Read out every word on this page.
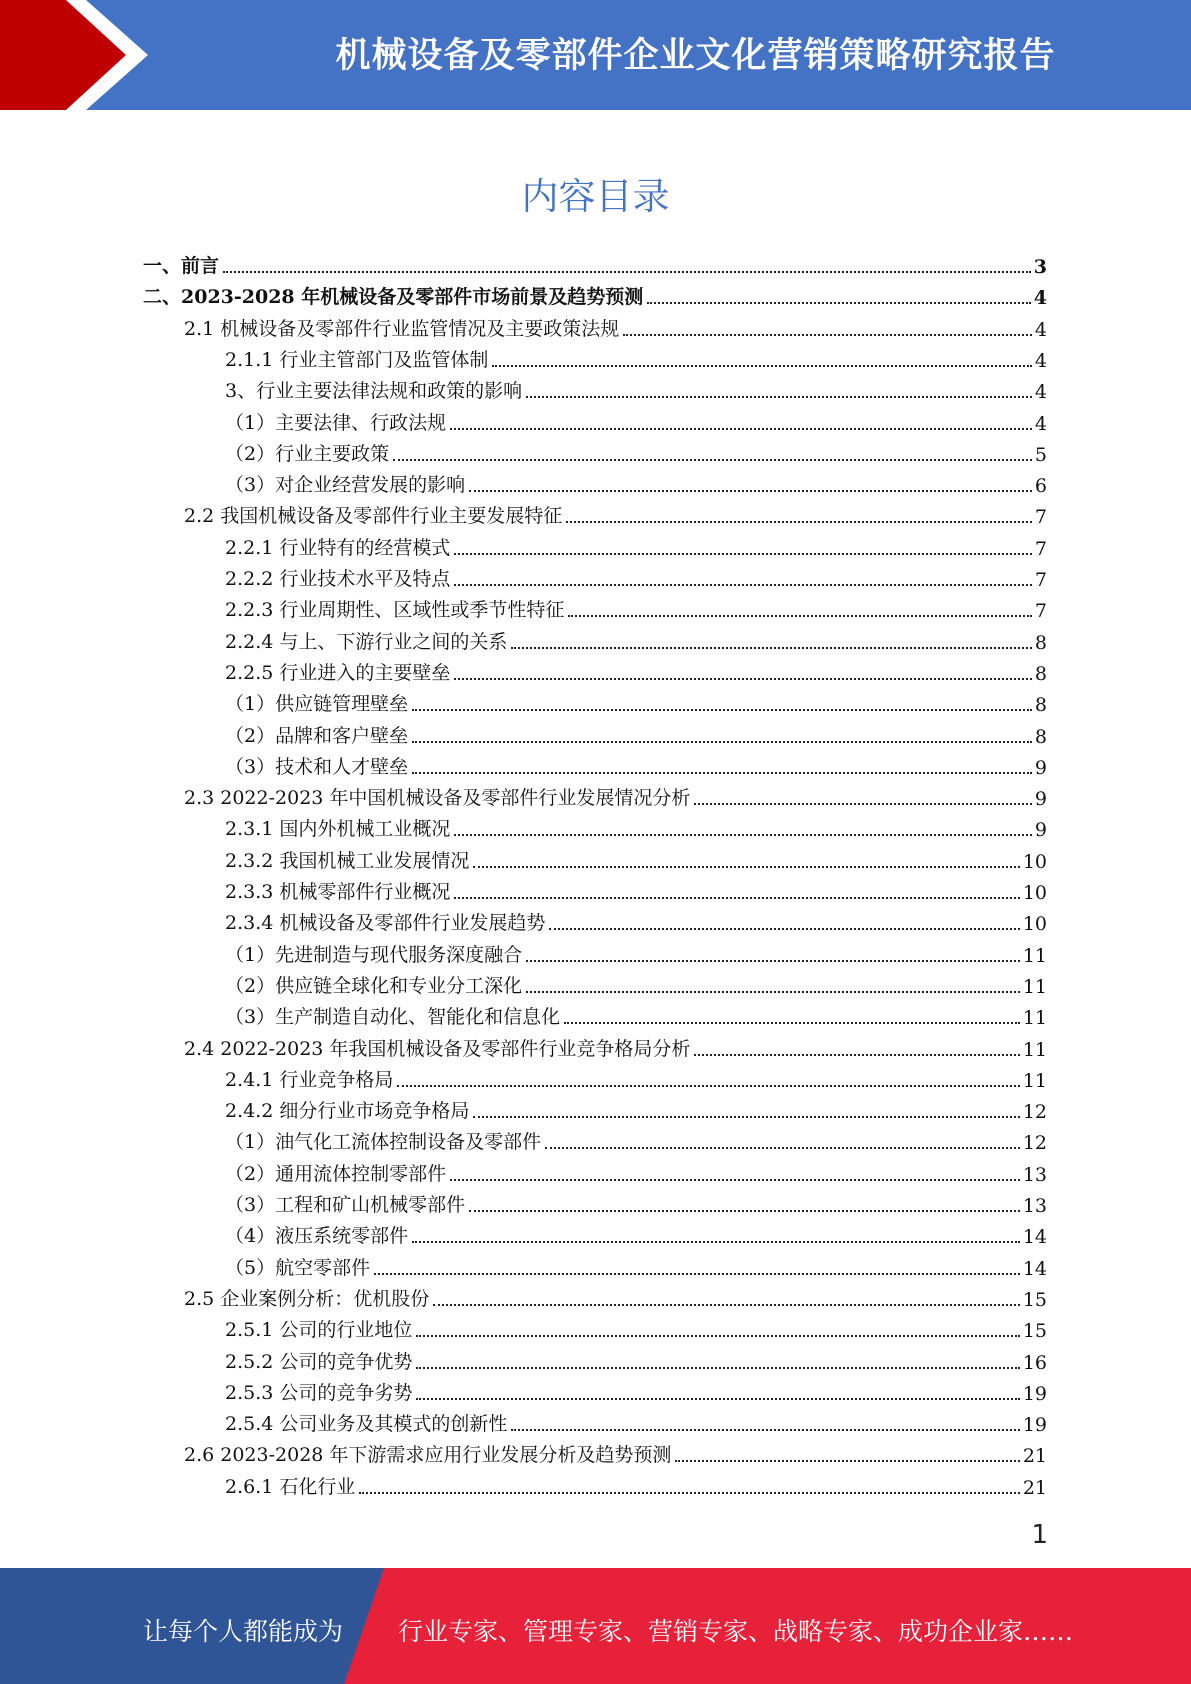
机械设备及零部件企业文化营销策略研究报告
内容目录
一、前言	3
二、2023-2028 年机械设备及零部件市场前景及趋势预测	4
2.1 机械设备及零部件行业监管情况及主要政策法规	4
2.1.1 行业主管部门及监管体制	4
3、行业主要法律法规和政策的影响	4
（1）主要法律、行政法规	4
（2）行业主要政策	5
（3）对企业经营发展的影响	6
2.2 我国机械设备及零部件行业主要发展特征	7
2.2.1 行业特有的经营模式	7
2.2.2 行业技术水平及特点	7
2.2.3 行业周期性、区域性或季节性特征	7
2.2.4 与上、下游行业之间的关系	8
2.2.5 行业进入的主要壁垒	8
（1）供应链管理壁垒	8
（2）品牌和客户壁垒	8
（3）技术和人才壁垒	9
2.3 2022-2023 年中国机械设备及零部件行业发展情况分析	9
2.3.1 国内外机械工业概况	9
2.3.2 我国机械工业发展情况	10
2.3.3 机械零部件行业概况	10
2.3.4 机械设备及零部件行业发展趋势	10
（1）先进制造与现代服务深度融合	11
（2）供应链全球化和专业分工深化	11
（3）生产制造自动化、智能化和信息化	11
2.4 2022-2023 年我国机械设备及零部件行业竞争格局分析	11
2.4.1 行业竞争格局	11
2.4.2 细分行业市场竞争格局	12
（1）油气化工流体控制设备及零部件	12
（2）通用流体控制零部件	13
（3）工程和矿山机械零部件	13
（4）液压系统零部件	14
（5）航空零部件	14
2.5 企业案例分析：优机股份	15
2.5.1 公司的行业地位	15
2.5.2 公司的竞争优势	16
2.5.3 公司的竞争劣势	19
2.5.4 公司业务及其模式的创新性	19
2.6 2023-2028 年下游需求应用行业发展分析及趋势预测	21
2.6.1 石化行业	21
1
让每个人都能成为 行业专家、管理专家、营销专家、战略专家、成功企业家……
